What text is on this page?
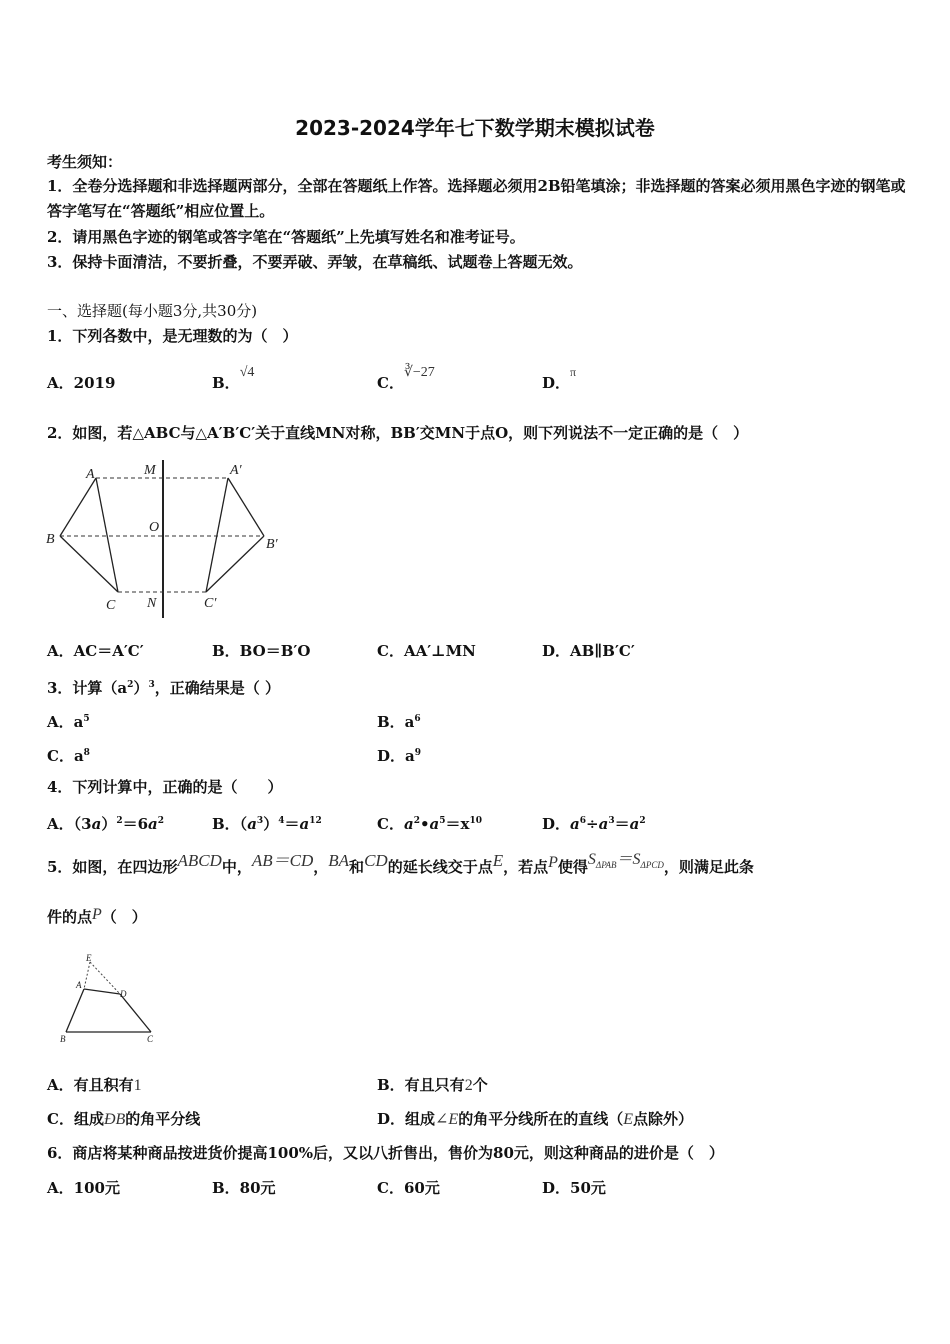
2023-2024学年七下数学期末模拟试卷
考生须知：
1．全卷分选择题和非选择题两部分，全部在答题纸上作答。选择题必须用2B铅笔填涂；非选择题的答案必须用黑色字迹的钢笔或答字笔写在“答题纸”相应位置上。
2．请用黑色字迹的钢笔或答字笔在“答题纸”上先填写姓名和准考证号。
3．保持卡面清洁，不要折叠，不要弄破、弄皱，在草稿纸、试题卷上答题无效。
一、选择题(每小题3分,共30分)
1．下列各数中，是无理数的为（　）
A．2019	B．√4
C．∛−27
D．$^\pi$
2．如图，若△ABC与△A′B′C′关于直线MN对称，BB′交MN于点O，则下列说法不一定正确的是（　）
A	M	A′
O
B	B′
C N	C′
A．AC＝A′C′	B．BO＝B′O	C．AA′⊥MN	D．AB∥B′C′
3．计算$(a^2)^3$，正确结果是（ ）
A．$a^5$	B．$a^6$
C．$a^8$	D．$a^9$
4．下列计算中，正确的是（　　）
A．$(3a)^2=6a^2$	B．$(a^3)^4=a^{12}$	C．$a^2•a^5=x^{10}$	D．$a^6\div a^3=a^2$
5．如图，在四边形ABCD中，AB＝CD，BA和CD的延长线交于点E，若点P使得$S_{\Delta PAB}=S_{\Delta PCD}$，则满足此条
件的点P（　）
E
A
D
B	C
A．有且积有1	B．有且只有2个
C．组成ÐB的角平分线	D．组成∠E的角平分线所在的直线（E点除外）
6．商店将某种商品按进货价提高100%后，又以八折售出，售价为80元，则这种商品的进价是（　）
A．100元	B．80元	C．60元	D．50元
